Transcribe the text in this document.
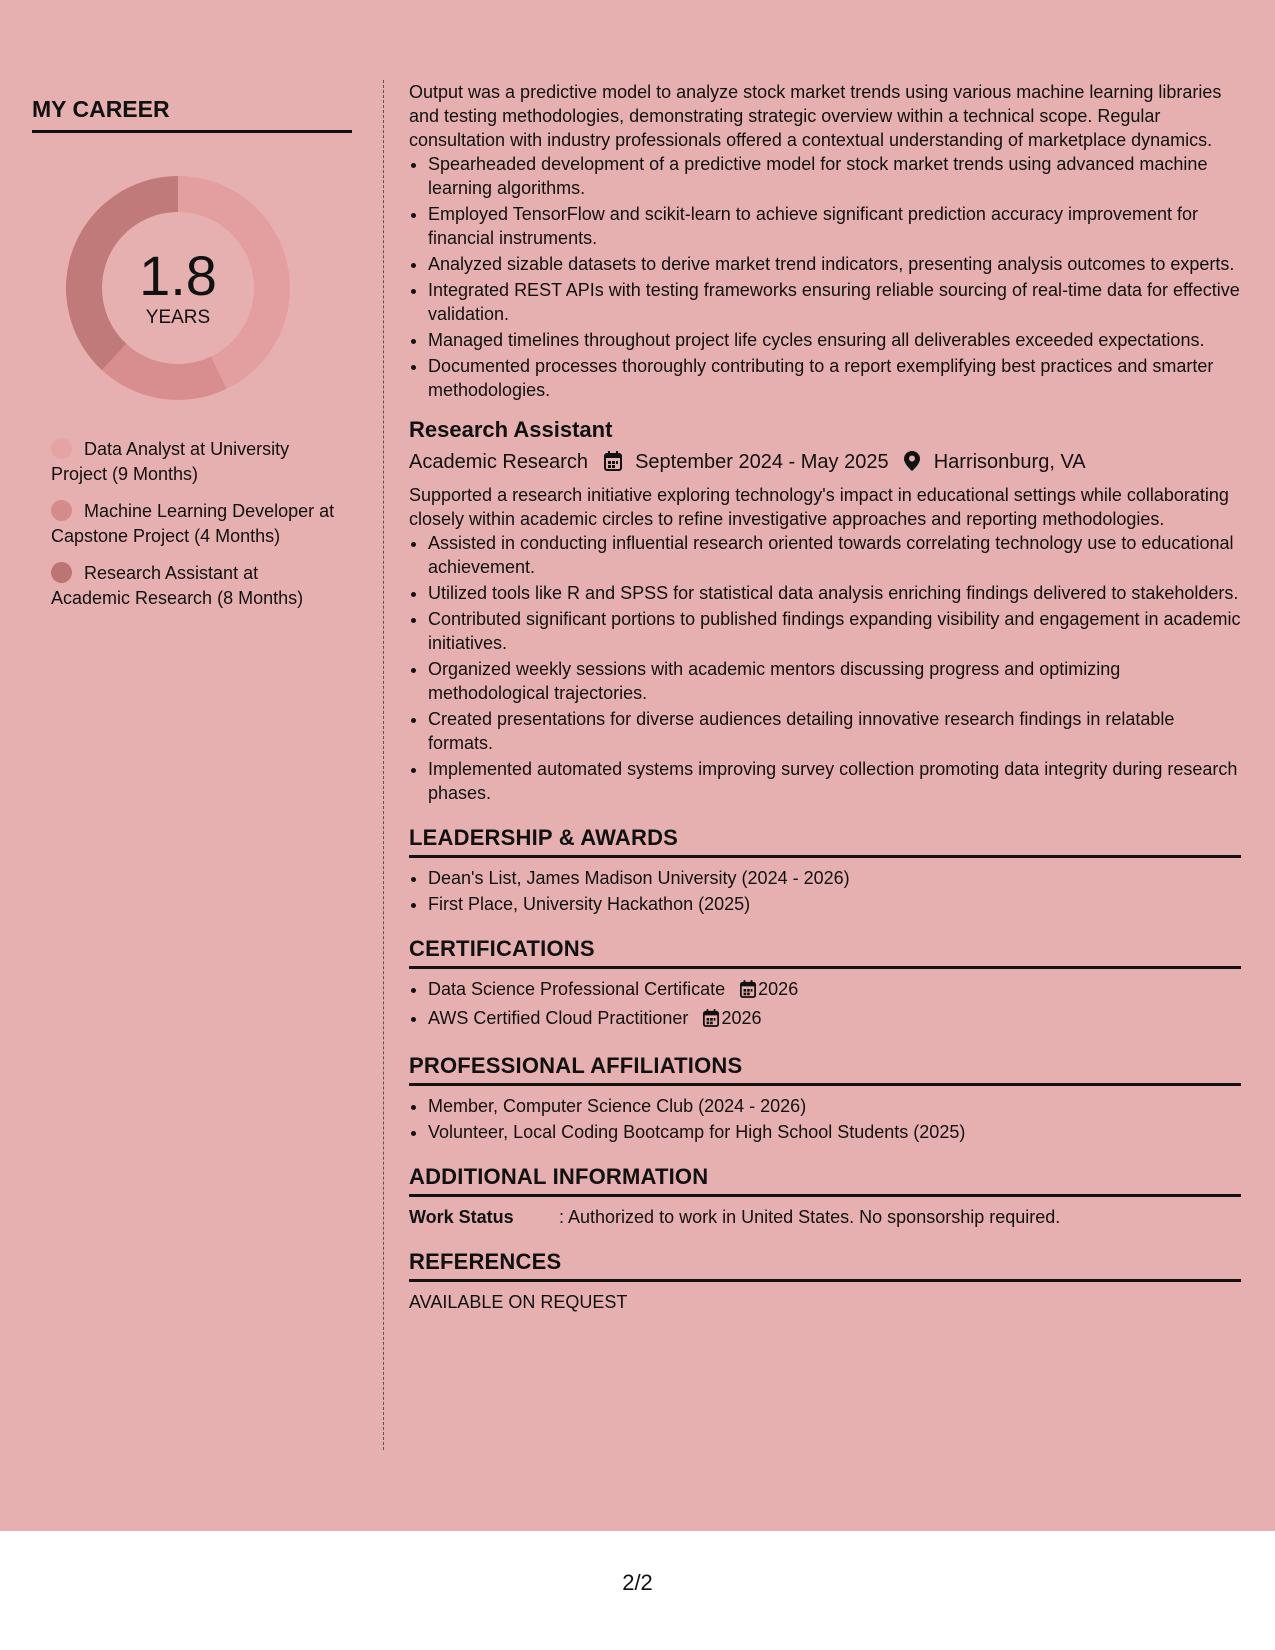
MY CAREER
1.8
YEARS
Data Analyst at University Project (9 Months)
Machine Learning Developer at Capstone Project (4 Months)
Research Assistant at Academic Research (8 Months)

Output was a predictive model to analyze stock market trends using various machine learning libraries and testing methodologies, demonstrating strategic overview within a technical scope. Regular consultation with industry professionals offered a contextual understanding of marketplace dynamics.

• Spearheaded development of a predictive model for stock market trends using advanced machine learning algorithms.
• Employed TensorFlow and scikit-learn to achieve significant prediction accuracy improvement for financial instruments.
• Analyzed sizable datasets to derive market trend indicators, presenting analysis outcomes to experts.
• Integrated REST APIs with testing frameworks ensuring reliable sourcing of real-time data for effective validation.
• Managed timelines throughout project life cycles ensuring all deliverables exceeded expectations.
• Documented processes thoroughly contributing to a report exemplifying best practices and smarter methodologies.
Research Assistant
Academic Research September 2024 - May 2025 Harrisonburg, VA

Supported a research initiative exploring technology's impact in educational settings while collaborating closely within academic circles to refine investigative approaches and reporting methodologies.

• Assisted in conducting influential research oriented towards correlating technology use to educational achievement.
• Utilized tools like R and SPSS for statistical data analysis enriching findings delivered to stakeholders.
• Contributed significant portions to published findings expanding visibility and engagement in academic initiatives.
• Organized weekly sessions with academic mentors discussing progress and optimizing methodological trajectories.
• Created presentations for diverse audiences detailing innovative research findings in relatable formats.
• Implemented automated systems improving survey collection promoting data integrity during research phases.
LEADERSHIP & AWARDS
• Dean's List, James Madison University (2024 - 2026)
• First Place, University Hackathon (2025)
CERTIFICATIONS
• Data Science Professional Certificate 2026
• AWS Certified Cloud Practitioner 2026
PROFESSIONAL AFFILIATIONS
• Member, Computer Science Club (2024 - 2026)
• Volunteer, Local Coding Bootcamp for High School Students (2025)
ADDITIONAL INFORMATION
Work Status	: Authorized to work in United States. No sponsorship required.
REFERENCES
AVAILABLE ON REQUEST
2/2
